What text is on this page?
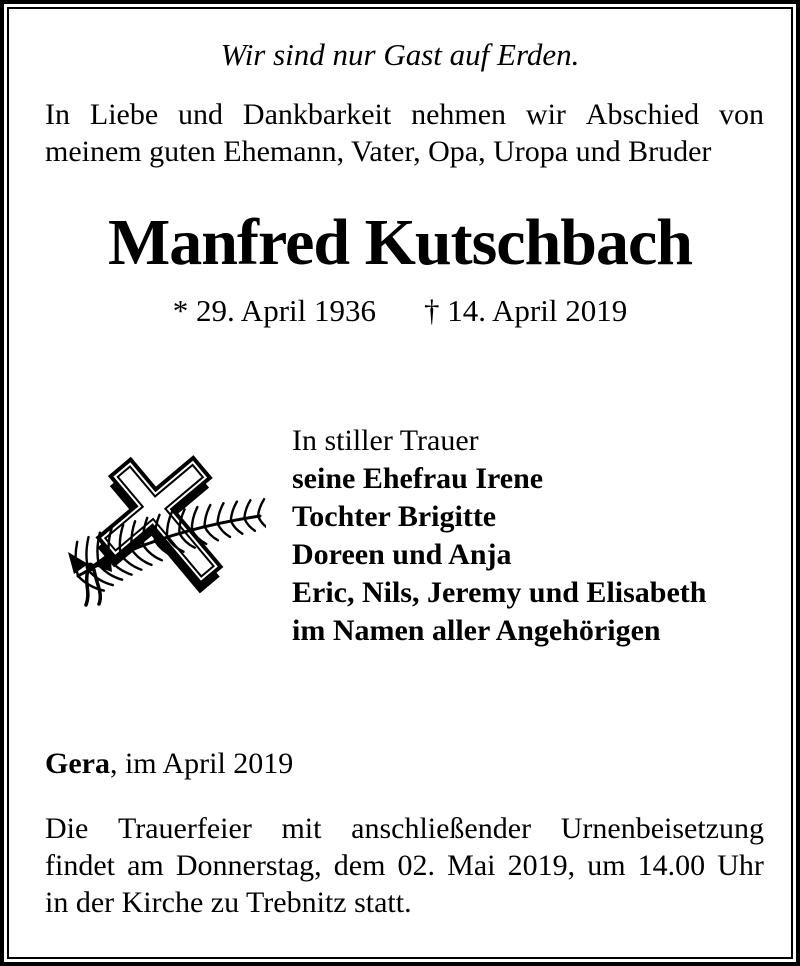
Wir sind nur Gast auf Erden.
In Liebe und Dankbarkeit nehmen wir Abschied von
meinem guten Ehemann, Vater, Opa, Uropa und Bruder
Manfred Kutschbach
* 29. April 1936 † 14. April 2019
In stiller Trauer
seine Ehefrau Irene
Tochter Brigitte
Doreen und Anja
Eric, Nils, Jeremy und Elisabeth
im Namen aller Angehörigen
Gera, im April 2019
Die Trauerfeier mit anschließender Urnenbeisetzung
findet am Donnerstag, dem 02. Mai 2019, um 14.00 Uhr
in der Kirche zu Trebnitz statt.
